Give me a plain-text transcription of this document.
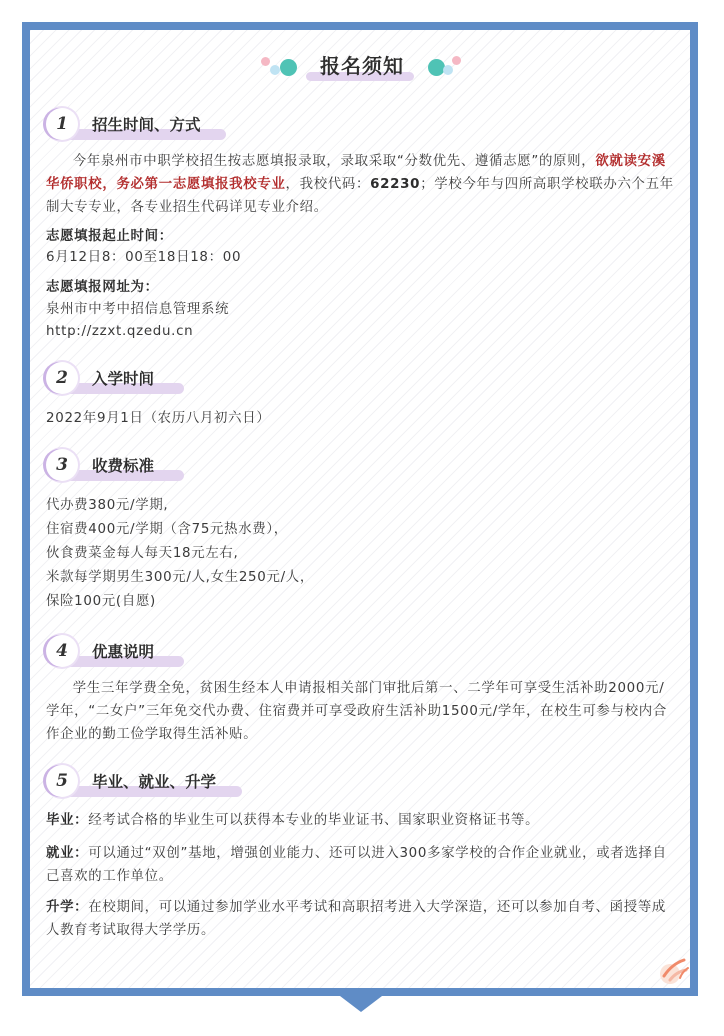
报名须知
1	招生时间、方式

今年泉州市中职学校招生按志愿填报录取，录取采取“分数优先、遵循志愿”的原则，欲就读安溪华侨职校，务必第一志愿填报我校专业，我校代码：62230；学校今年与四所高职学校联办六个五年制大专专业，各专业招生代码详见专业介绍。

志愿填报起止时间：

6月12日8：00至18日18：00

志愿填报网址为：

泉州市中考中招信息管理系统

http://zzxt.qzedu.cn

2	入学时间

2022年9月1日（农历八月初六日）

3	收费标准

代办费380元/学期,

住宿费400元/学期（含75元热水费），

伙食费菜金每人每天18元左右,

米款每学期男生300元/人,女生250元/人，

保险100元(自愿)

4	优惠说明

学生三年学费全免，贫困生经本人申请报相关部门审批后第一、二学年可享受生活补助2000元/学年，“二女户”三年免交代办费、住宿费并可享受政府生活补助1500元/学年，在校生可参与校内合作企业的勤工俭学取得生活补贴。

5	毕业、就业、升学

毕业：经考试合格的毕业生可以获得本专业的毕业证书、国家职业资格证书等。

就业：可以通过“双创”基地，增强创业能力、还可以进入300多家学校的合作企业就业，或者选择自己喜欢的工作单位。

升学：在校期间，可以通过参加学业水平考试和高职招考进入大学深造，还可以参加自考、函授等成人教育考试取得大学学历。
